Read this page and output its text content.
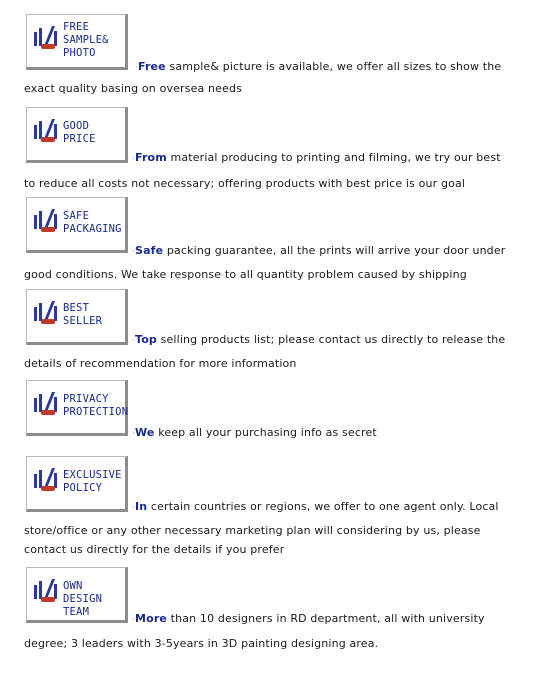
FREE
SAMPLE&
PHOTO
·Free sample& picture is available, we offer all sizes to show the
exact quality basing on oversea needs
GOOD
PRICE
·From material producing to printing and filming, we try our best
to reduce all costs not necessary; offering products with best price is our goal
SAFE
PACKAGING
·Safe packing guarantee, all the prints will arrive your door under
good conditions. We take response to all quantity problem caused by shipping
BEST
SELLER
·Top selling products list; please contact us directly to release the
details of recommendation for more information
PRIVACY
PROTECTION
·We keep all your purchasing info as secret
EXCLUSIVE
POLICY
·In certain countries or regions, we offer to one agent only. Local
store/office or any other necessary marketing plan will considering by us, please
contact us directly for the details if you prefer
OWN DESIGN
TEAM
·More than 10 designers in RD department, all with university
degree; 3 leaders with 3-5years in 3D painting designing area.
